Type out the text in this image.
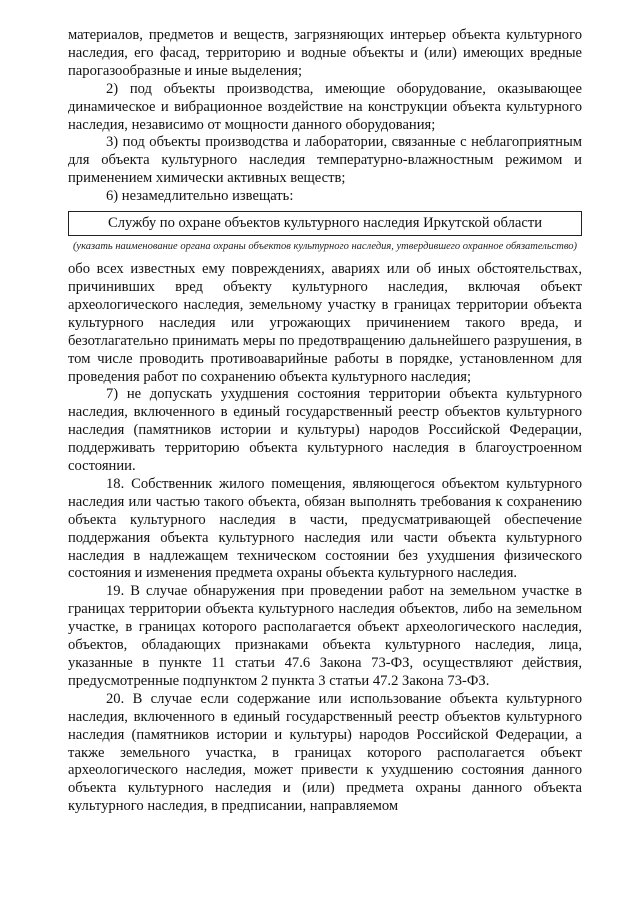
материалов, предметов и веществ, загрязняющих интерьер объекта культурного наследия, его фасад, территорию и водные объекты и (или) имеющих вредные парогазообразные и иные выделения;

2) под объекты производства, имеющие оборудование, оказывающее динамическое и вибрационное воздействие на конструкции объекта культурного наследия, независимо от мощности данного оборудования;

3) под объекты производства и лаборатории, связанные с неблагоприятным для объекта культурного наследия температурно-влажностным режимом и применением химически активных веществ;

6) незамедлительно извещать:

Службу по охране объектов культурного наследия Иркутской области

(указать наименование органа охраны объектов культурного наследия, утвердившего охранное обязательство)

обо всех известных ему повреждениях, авариях или об иных обстоятельствах, причинивших вред объекту культурного наследия, включая объект археологического наследия, земельному участку в границах территории объекта культурного наследия или угрожающих причинением такого вреда, и безотлагательно принимать меры по предотвращению дальнейшего разрушения, в том числе проводить противоаварийные работы в порядке, установленном для проведения работ по сохранению объекта культурного наследия;

7) не допускать ухудшения состояния территории объекта культурного наследия, включенного в единый государственный реестр объектов культурного наследия (памятников истории и культуры) народов Российской Федерации, поддерживать территорию объекта культурного наследия в благоустроенном состоянии.

18. Собственник жилого помещения, являющегося объектом культурного наследия или частью такого объекта, обязан выполнять требования к сохранению объекта культурного наследия в части, предусматривающей обеспечение поддержания объекта культурного наследия или части объекта культурного наследия в надлежащем техническом состоянии без ухудшения физического состояния и изменения предмета охраны объекта культурного наследия.

19. В случае обнаружения при проведении работ на земельном участке в границах территории объекта культурного наследия объектов, либо на земельном участке, в границах которого располагается объект археологического наследия, объектов, обладающих признаками объекта культурного наследия, лица, указанные в пункте 11 статьи 47.6 Закона 73-ФЗ, осуществляют действия, предусмотренные подпунктом 2 пункта 3 статьи 47.2 Закона 73-ФЗ.

20. В случае если содержание или использование объекта культурного наследия, включенного в единый государственный реестр объектов культурного наследия (памятников истории и культуры) народов Российской Федерации, а также земельного участка, в границах которого располагается объект археологического наследия, может привести к ухудшению состояния данного объекта культурного наследия и (или) предмета охраны данного объекта культурного наследия, в предписании, направляемом
